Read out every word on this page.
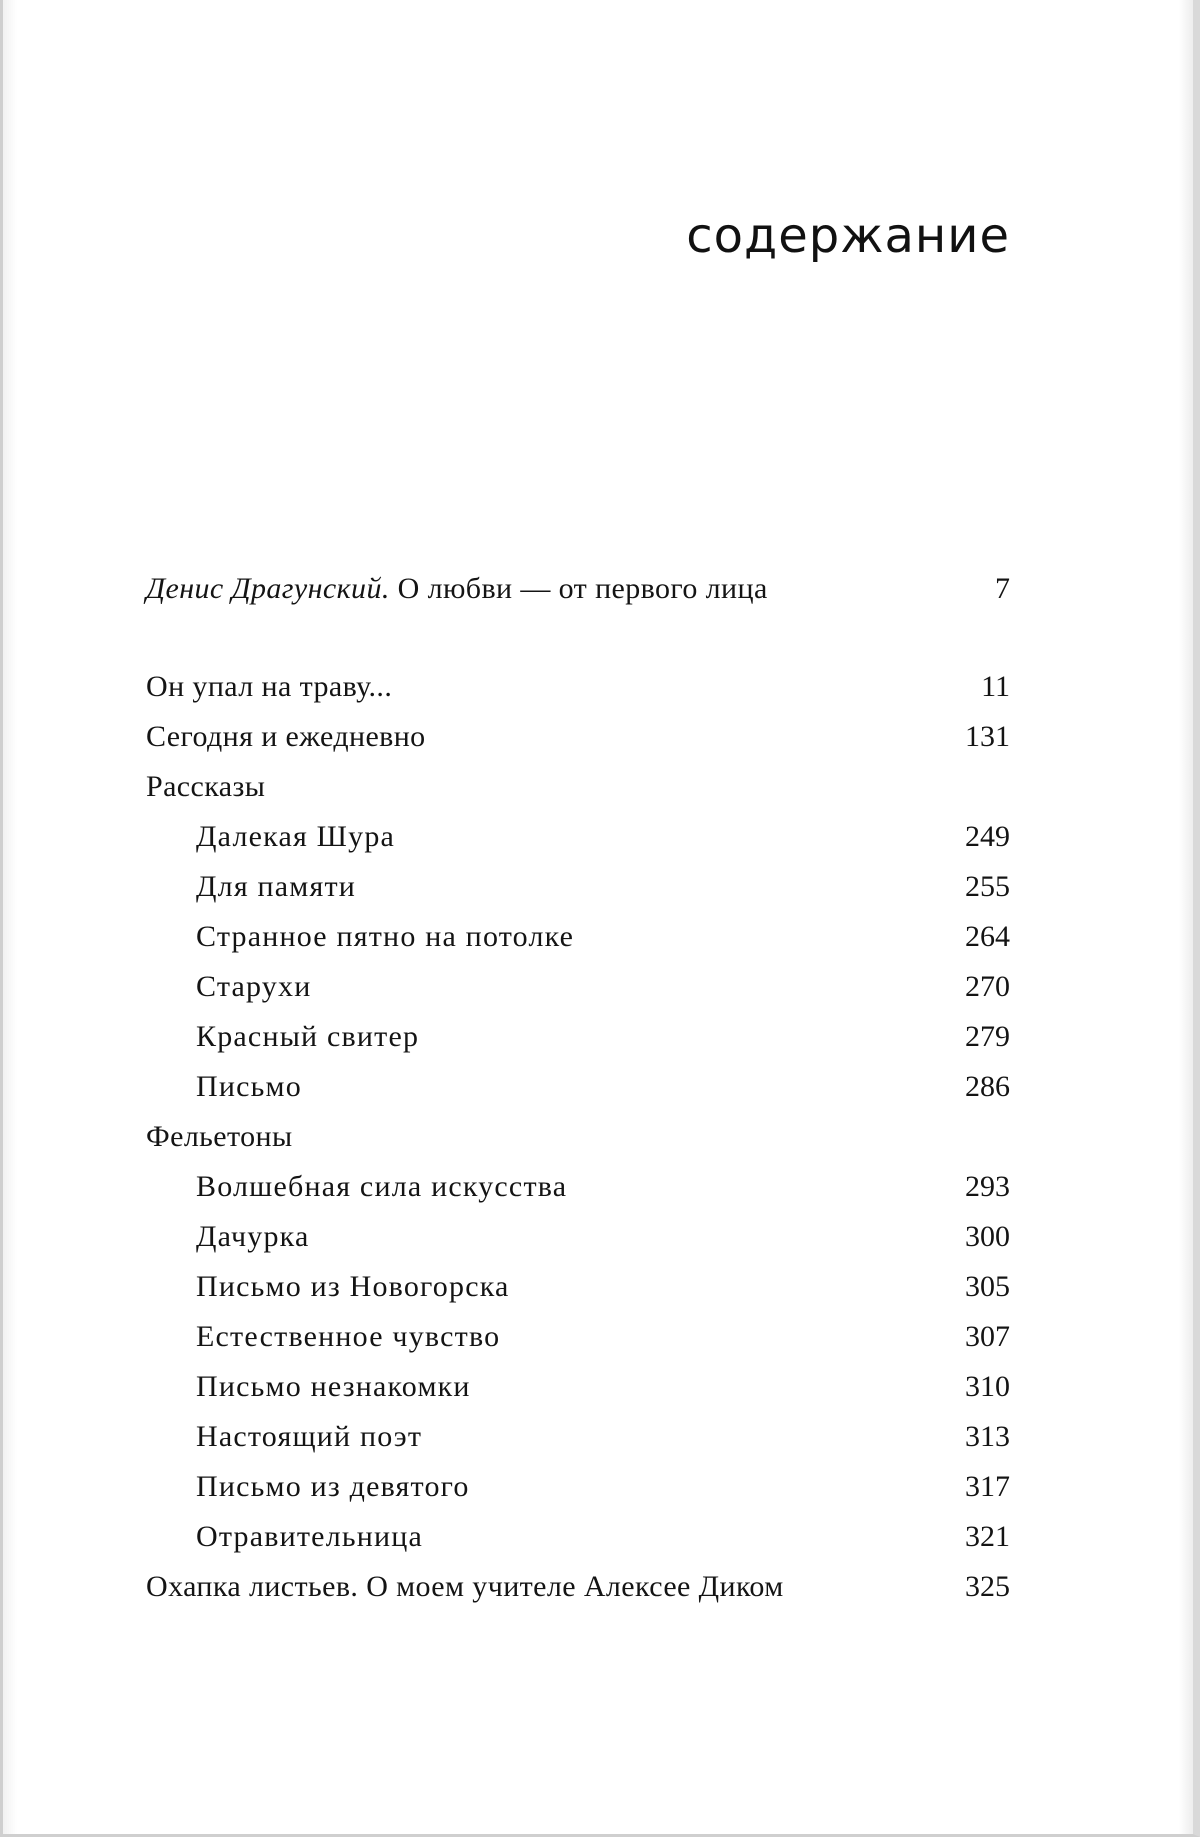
содержание
Денис Драгунский. О любви — от первого лица	7
Он упал на траву...	11
Сегодня и ежедневно	131
Рассказы
Далекая Шура	249
Для памяти	255
Странное пятно на потолке	264
Старухи	270
Красный свитер	279
Письмо	286
Фельетоны
Волшебная сила искусства	293
Дачурка	300
Письмо из Новогорска	305
Естественное чувство	307
Письмо незнакомки	310
Настоящий поэт	313
Письмо из девятого	317
Отравительница	321
Охапка листьев. О моем учителе Алексее Диком	325
